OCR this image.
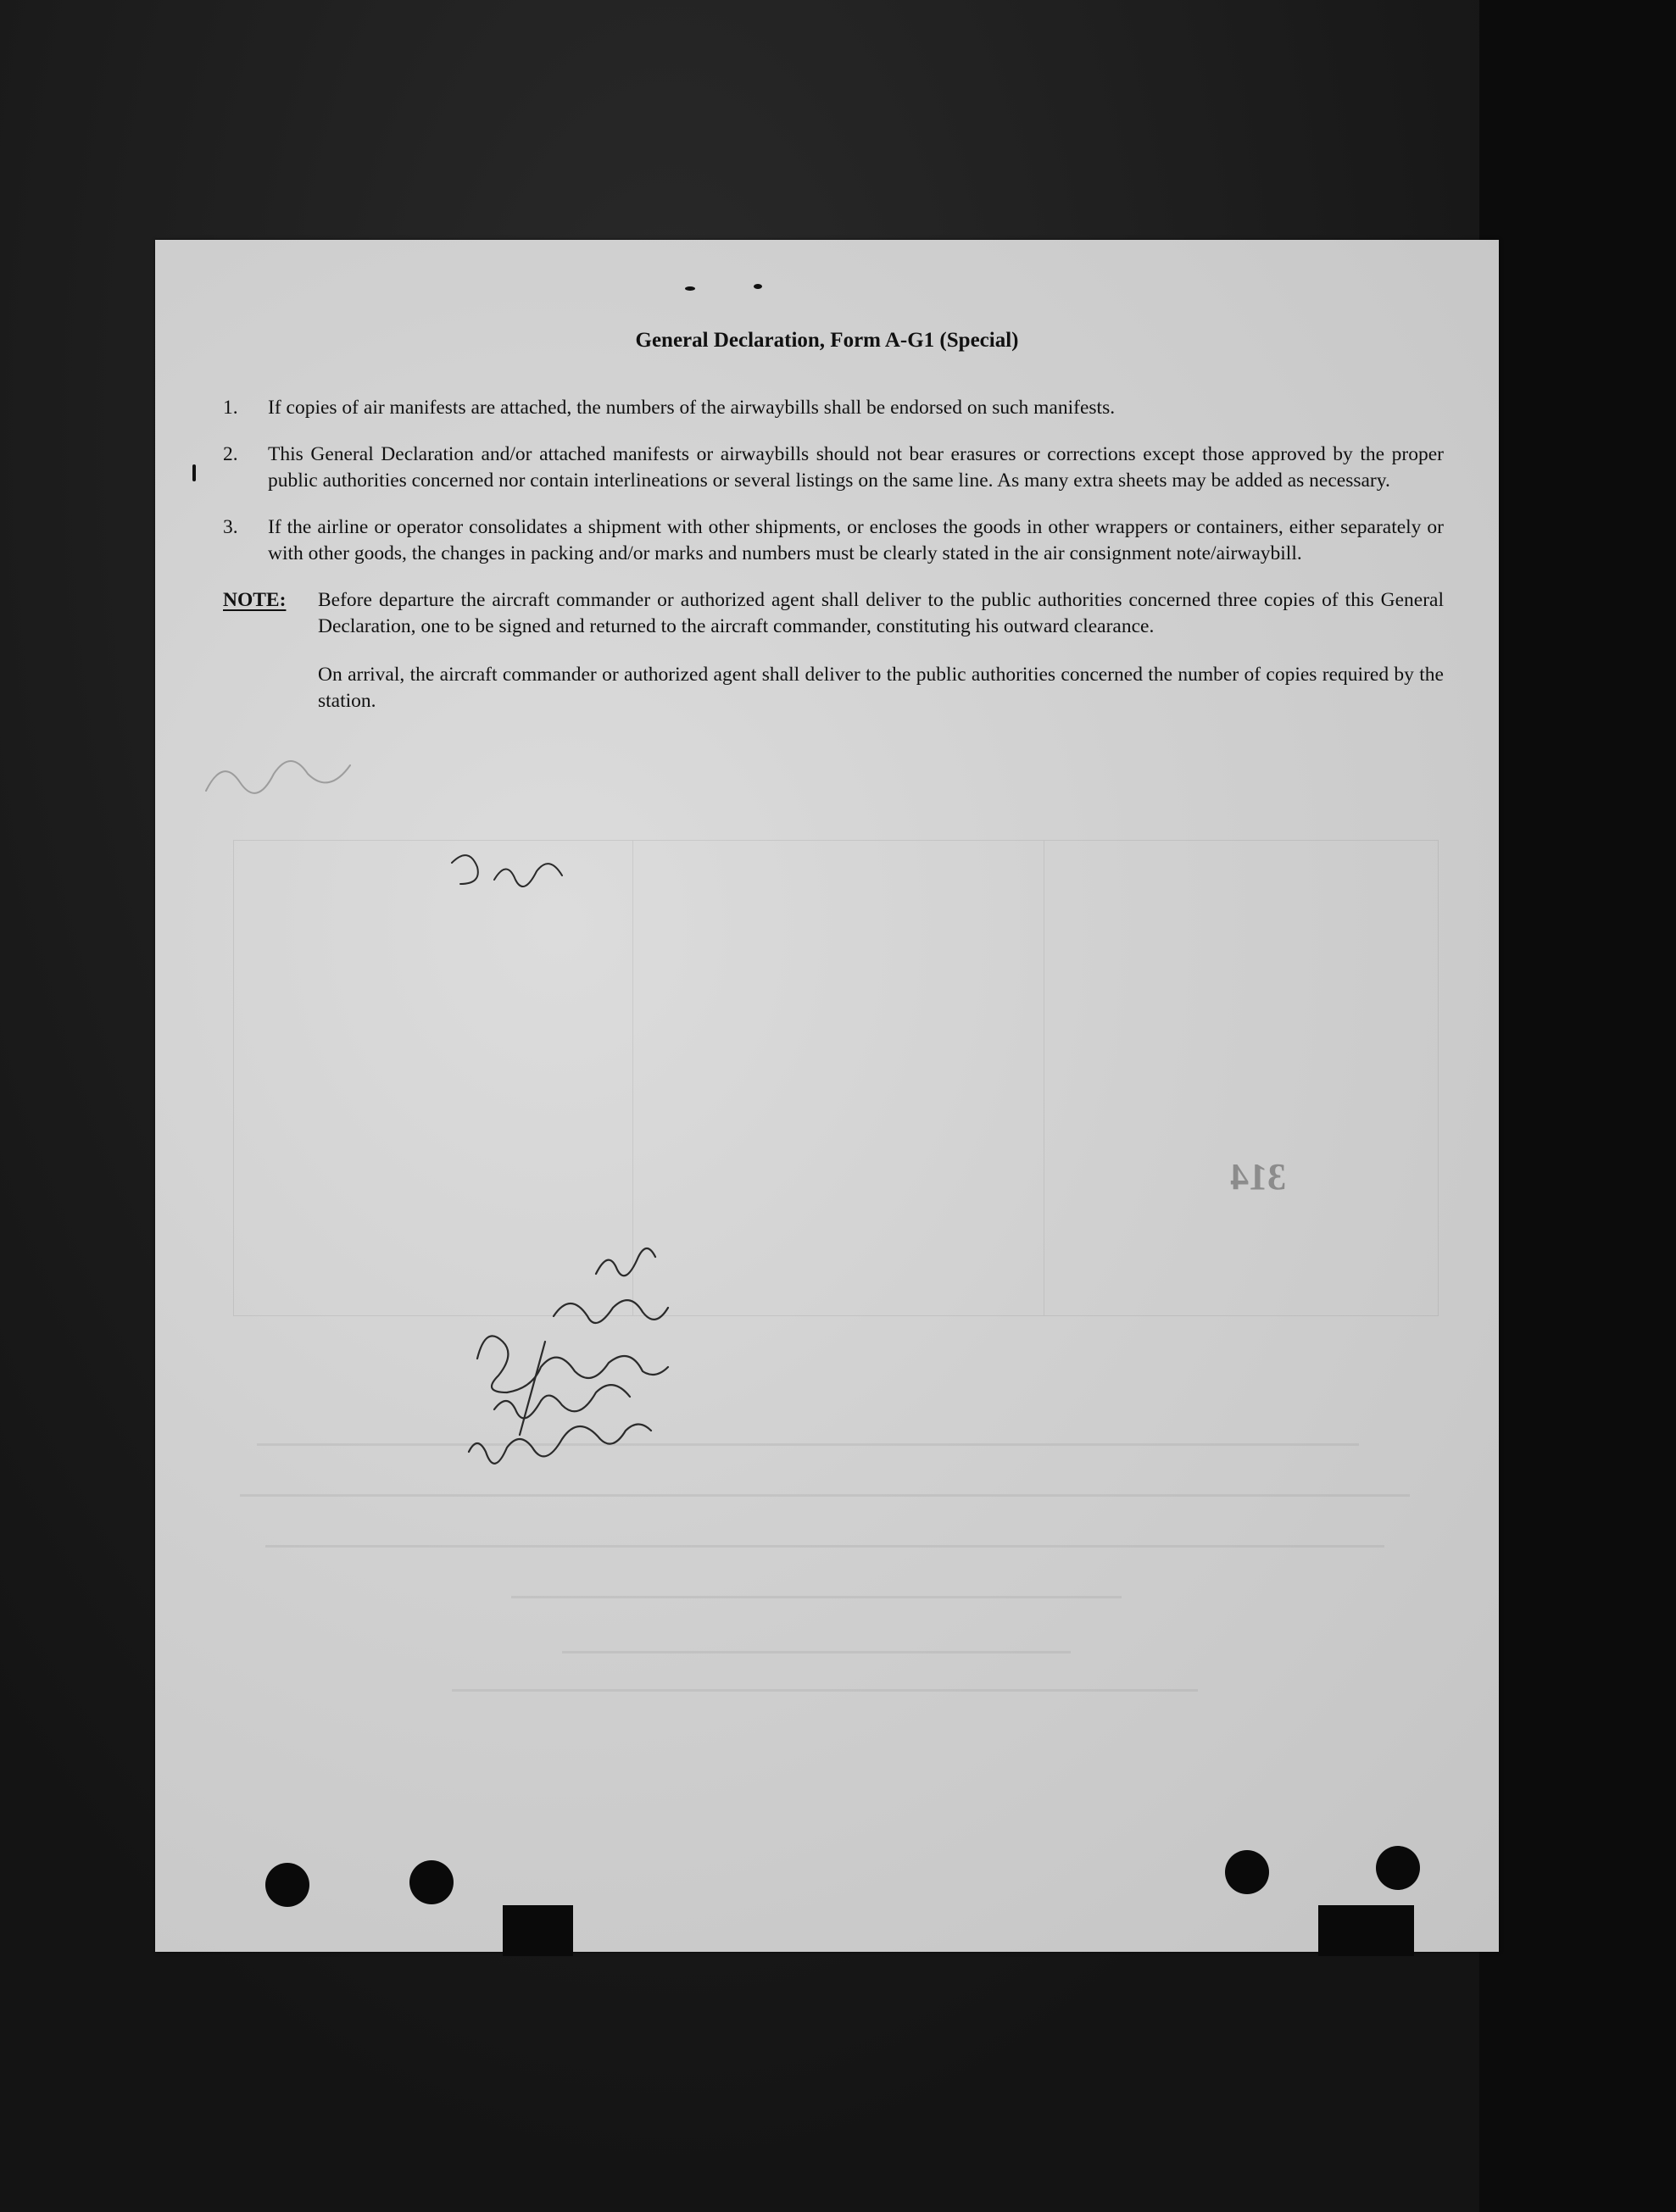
General Declaration, Form A-G1 (Special)
1.	If copies of air manifests are attached, the numbers of the airwaybills shall be endorsed on such manifests.
2.	This General Declaration and/or attached manifests or airwaybills should not bear erasures or corrections except those approved by the proper public authorities concerned nor contain interlineations or several listings on the same line. As many extra sheets may be added as necessary.
3.	If the airline or operator consolidates a shipment with other shipments, or encloses the goods in other wrappers or containers, either separately or with other goods, the changes in packing and/or marks and numbers must be clearly stated in the air consignment note/airwaybill.
NOTE:	Before departure the aircraft commander or authorized agent shall deliver to the public authorities concerned three copies of this General Declaration, one to be signed and returned to the aircraft commander, constituting his outward clearance.
On arrival, the aircraft commander or authorized agent shall deliver to the public authorities concerned the number of copies required by the station.
314
